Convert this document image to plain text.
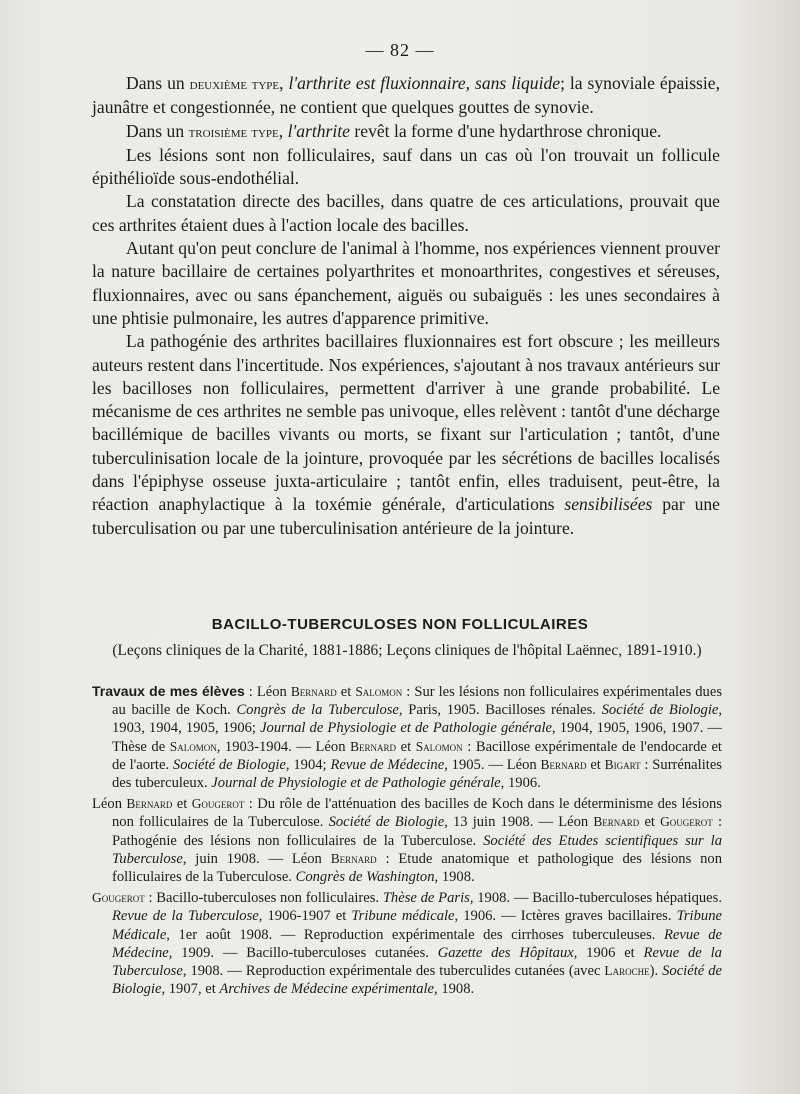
— 82 —

Dans un deuxième type, l'arthrite est fluxionnaire, sans liquide; la synoviale épaissie, jaunâtre et congestionnée, ne contient que quelques gouttes de synovie.

Dans un troisième type, l'arthrite revêt la forme d'une hydarthrose chronique.

Les lésions sont non folliculaires, sauf dans un cas où l'on trouvait un follicule épithélioïde sous-endothélial.

La constatation directe des bacilles, dans quatre de ces articulations, prouvait que ces arthrites étaient dues à l'action locale des bacilles.

Autant qu'on peut conclure de l'animal à l'homme, nos expériences viennent prouver la nature bacillaire de certaines polyarthrites et monoarthrites, congestives et séreuses, fluxionnaires, avec ou sans épanchement, aiguës ou subaiguës : les unes secondaires à une phtisie pulmonaire, les autres d'apparence primitive.

La pathogénie des arthrites bacillaires fluxionnaires est fort obscure ; les meilleurs auteurs restent dans l'incertitude. Nos expériences, s'ajoutant à nos travaux antérieurs sur les bacilloses non folliculaires, permettent d'arriver à une grande probabilité. Le mécanisme de ces arthrites ne semble pas univoque, elles relèvent : tantôt d'une décharge bacillémique de bacilles vivants ou morts, se fixant sur l'articulation ; tantôt, d'une tuberculinisation locale de la jointure, provoquée par les sécrétions de bacilles localisés dans l'épiphyse osseuse juxta-articulaire ; tantôt enfin, elles traduisent, peut-être, la réaction anaphylactique à la toxémie générale, d'articulations sensibilisées par une tuberculisation ou par une tuberculinisation antérieure de la jointure.

BACILLO-TUBERCULOSES NON FOLLICULAIRES
(Leçons cliniques de la Charité, 1881-1886; Leçons cliniques de l'hôpital Laënnec, 1891-1910.)

Travaux de mes élèves : Léon Bernard et Salomon : Sur les lésions non folliculaires expérimentales dues au bacille de Koch. Congrès de la Tuberculose, Paris, 1905. Bacilloses rénales. Société de Biologie, 1903, 1904, 1905, 1906; Journal de Physiologie et de Pathologie générale, 1904, 1905, 1906, 1907. — Thèse de Salomon, 1903-1904. — Léon Bernard et Salomon : Bacillose expérimentale de l'endocarde et de l'aorte. Société de Biologie, 1904; Revue de Médecine, 1905. — Léon Bernard et Bigart : Surrénalites des tuberculeux. Journal de Physiologie et de Pathologie générale, 1906.

Léon Bernard et Gougerot : Du rôle de l'atténuation des bacilles de Koch dans le déterminisme des lésions non folliculaires de la Tuberculose. Société de Biologie, 13 juin 1908. — Léon Bernard et Gougerot : Pathogénie des lésions non folliculaires de la Tuberculose. Société des Etudes scientifiques sur la Tuberculose, juin 1908. — Léon Bernard : Etude anatomique et pathologique des lésions non folliculaires de la Tuberculose. Congrès de Washington, 1908.

Gougerot : Bacillo-tuberculoses non folliculaires. Thèse de Paris, 1908. — Bacillo-tuberculoses hépatiques. Revue de la Tuberculose, 1906-1907 et Tribune médicale, 1906. — Ictères graves bacillaires. Tribune Médicale, 1er août 1908. — Reproduction expérimentale des cirrhoses tuberculeuses. Revue de Médecine, 1909. — Bacillo-tuberculoses cutanées. Gazette des Hôpitaux, 1906 et Revue de la Tuberculose, 1908. — Reproduction expérimentale des tuberculides cutanées (avec Laroche). Société de Biologie, 1907, et Archives de Médecine expérimentale, 1908.
